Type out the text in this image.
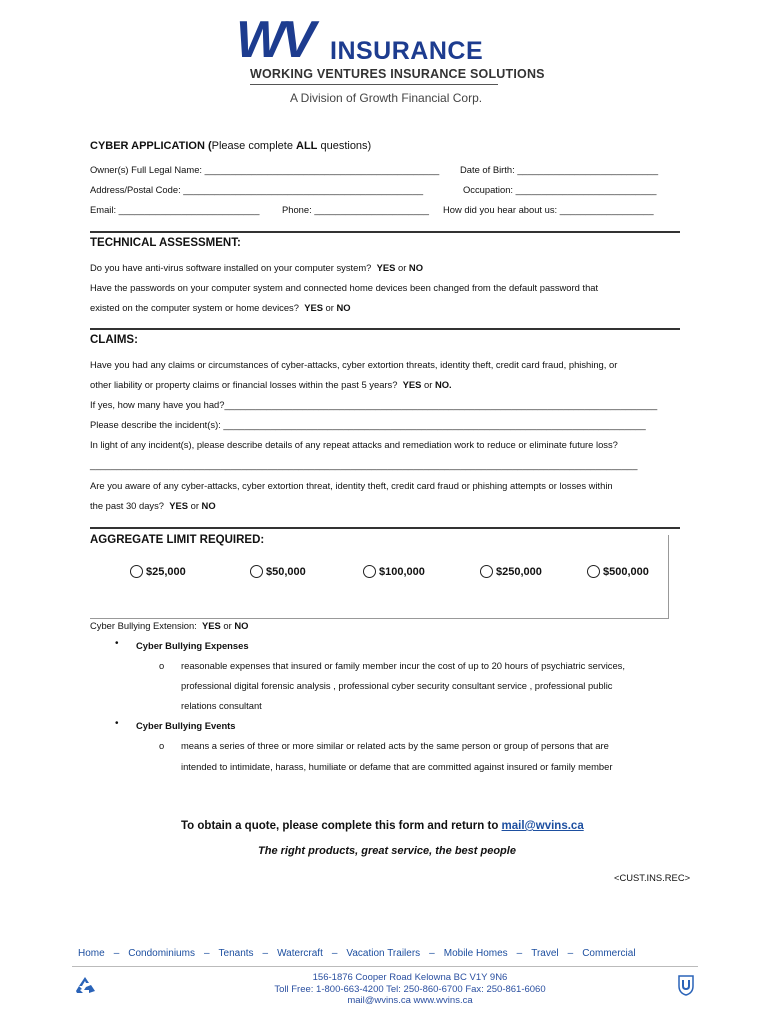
WV INSURANCE
WORKING VENTURES INSURANCE SOLUTIONS
A Division of Growth Financial Corp.
CYBER APPLICATION (Please complete ALL questions)
Owner(s) Full Legal Name: _____________________________________________ Date of Birth: ___________________________
Address/Postal Code: ______________________________________________	Occupation: ___________________________
Email: ___________________________ Phone: ______________________ How did you hear about us: __________________
TECHNICAL ASSESSMENT:
Do you have anti-virus software installed on your computer system? YES or NO
Have the passwords on your computer system and connected home devices been changed from the default password that
existed on the computer system or home devices? YES or NO
CLAIMS:
Have you had any claims or circumstances of cyber-attacks, cyber extortion threats, identity theft, credit card fraud, phishing, or
other liability or property claims or financial losses within the past 5 years? YES or NO.
If yes, how many have you had?___________________________________________________________________________________
Please describe the incident(s): _________________________________________________________________________________
In light of any incident(s), please describe details of any repeat attacks and remediation work to reduce or eliminate future loss?
_________________________________________________________________________________________________________
Are you aware of any cyber-attacks, cyber extortion threat, identity theft, credit card fraud or phishing attempts or losses within
the past 30 days? YES or NO
AGGREGATE LIMIT REQUIRED:
$25,000	$50,000	$100,000	$250,000	$500,000
Cyber Bullying Extension: YES or NO
• Cyber Bullying Expenses
o reasonable expenses that insured or family member incur the cost of up to 20 hours of psychiatric services,
professional digital forensic analysis , professional cyber security consultant service , professional public
relations consultant
• Cyber Bullying Events
o means a series of three or more similar or related acts by the same person or group of persons that are
intended to intimidate, harass, humiliate or defame that are committed against insured or family member
To obtain a quote, please complete this form and return to mail@wvins.ca
The right products, great service, the best people
<CUST.INS.REC>
Home – Condominiums – Tenants – Watercraft – Vacation Trailers – Mobile Homes – Travel – Commercial
156-1876 Cooper Road Kelowna BC V1Y 9N6
Toll Free: 1-800-663-4200 Tel: 250-860-6700 Fax: 250-861-6060
mail@wvins.ca www.wvins.ca
